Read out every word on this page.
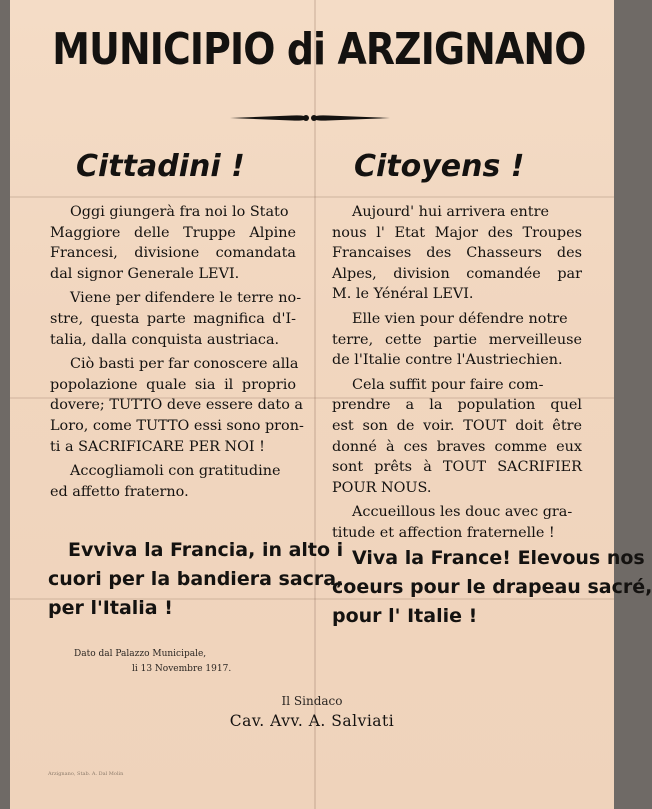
MUNICIPIO di ARZIGNANO
Cittadini !	Citoyens !
Oggi giungerà fra noi lo Stato
Maggiore delle Truppe Alpine
Francesi, divisione comandata
dal signor Generale LEVI.
Viene per difendere le terre no-
stre, questa parte magnifica d'I-
talia, dalla conquista austriaca.
Ciò basti per far conoscere alla
popolazione quale sia il proprio
dovere; TUTTO deve essere dato a
Loro, come TUTTO essi sono pron-
ti a SACRIFICARE PER NOI !
Accogliamoli con gratitudine
ed affetto fraterno.
Aujourd' hui arrivera entre
nous l' Etat Major des Troupes
Francaises des Chasseurs des
Alpes, division comandée par
M. le Yénéral LEVI.
Elle vien pour défendre notre
terre, cette partie merveilleuse
de l'Italie contre l'Austriechien.
Cela suffit pour faire com-
prendre a la population quel
est son de voir. TOUT doit être
donné à ces braves comme eux
sont prêts à TOUT SACRIFIER
POUR NOUS.
Accueillous les douc avec gra-
titude et affection fraternelle !
Evviva la Francia, in alto i
cuori per la bandiera sacra,
per l'Italia !
Viva la France! Elevous nos
coeurs pour le drapeau sacré,
pour l' Italie !
Dato dal Palazzo Municipale,
li 13 Novembre 1917.
Il Sindaco
Cav. Avv. A. Salviati
Arzignano, Stab. A. Dal Molin
